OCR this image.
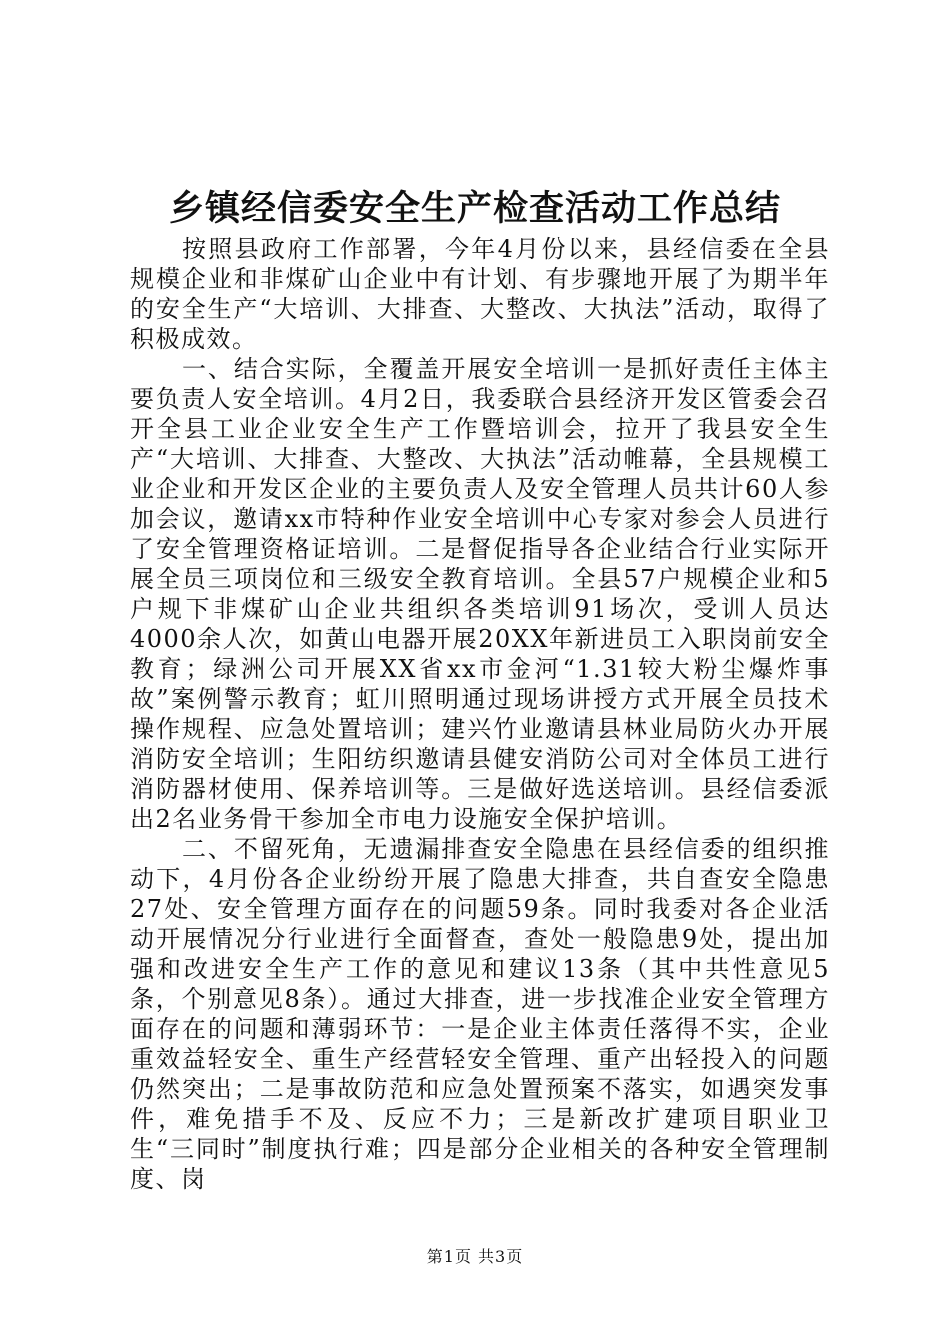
乡镇经信委安全生产检查活动工作总结

按照县政府工作部署，今年4月份以来，县经信委在全县规模企业和非煤矿山企业中有计划、有步骤地开展了为期半年的安全生产“大培训、大排查、大整改、大执法”活动，取得了积极成效。

一、结合实际，全覆盖开展安全培训一是抓好责任主体主要负责人安全培训。4月2日，我委联合县经济开发区管委会召开全县工业企业安全生产工作暨培训会，拉开了我县安全生产“大培训、大排查、大整改、大执法”活动帷幕，全县规模工业企业和开发区企业的主要负责人及安全管理人员共计60人参加会议，邀请xx市特种作业安全培训中心专家对参会人员进行了安全管理资格证培训。二是督促指导各企业结合行业实际开展全员三项岗位和三级安全教育培训。全县57户规模企业和5户规下非煤矿山企业共组织各类培训91场次，受训人员达4000余人次，如黄山电器开展20XX年新进员工入职岗前安全教育；绿洲公司开展XX省xx市金河“1.31较大粉尘爆炸事故”案例警示教育；虹川照明通过现场讲授方式开展全员技术操作规程、应急处置培训；建兴竹业邀请县林业局防火办开展消防安全培训；生阳纺织邀请县健安消防公司对全体员工进行消防器材使用、保养培训等。三是做好选送培训。县经信委派出2名业务骨干参加全市电力设施安全保护培训。

二、不留死角，无遗漏排查安全隐患在县经信委的组织推动下，4月份各企业纷纷开展了隐患大排查，共自查安全隐患27处、安全管理方面存在的问题59条。同时我委对各企业活动开展情况分行业进行全面督查，查处一般隐患9处，提出加强和改进安全生产工作的意见和建议13条（其中共性意见5条，个别意见8条）。通过大排查，进一步找准企业安全管理方面存在的问题和薄弱环节：一是企业主体责任落得不实，企业重效益轻安全、重生产经营轻安全管理、重产出轻投入的问题仍然突出；二是事故防范和应急处置预案不落实，如遇突发事件，难免措手不及、反应不力；三是新改扩建项目职业卫生“三同时”制度执行难；四是部分企业相关的各种安全管理制度、岗

第1页 共3页
